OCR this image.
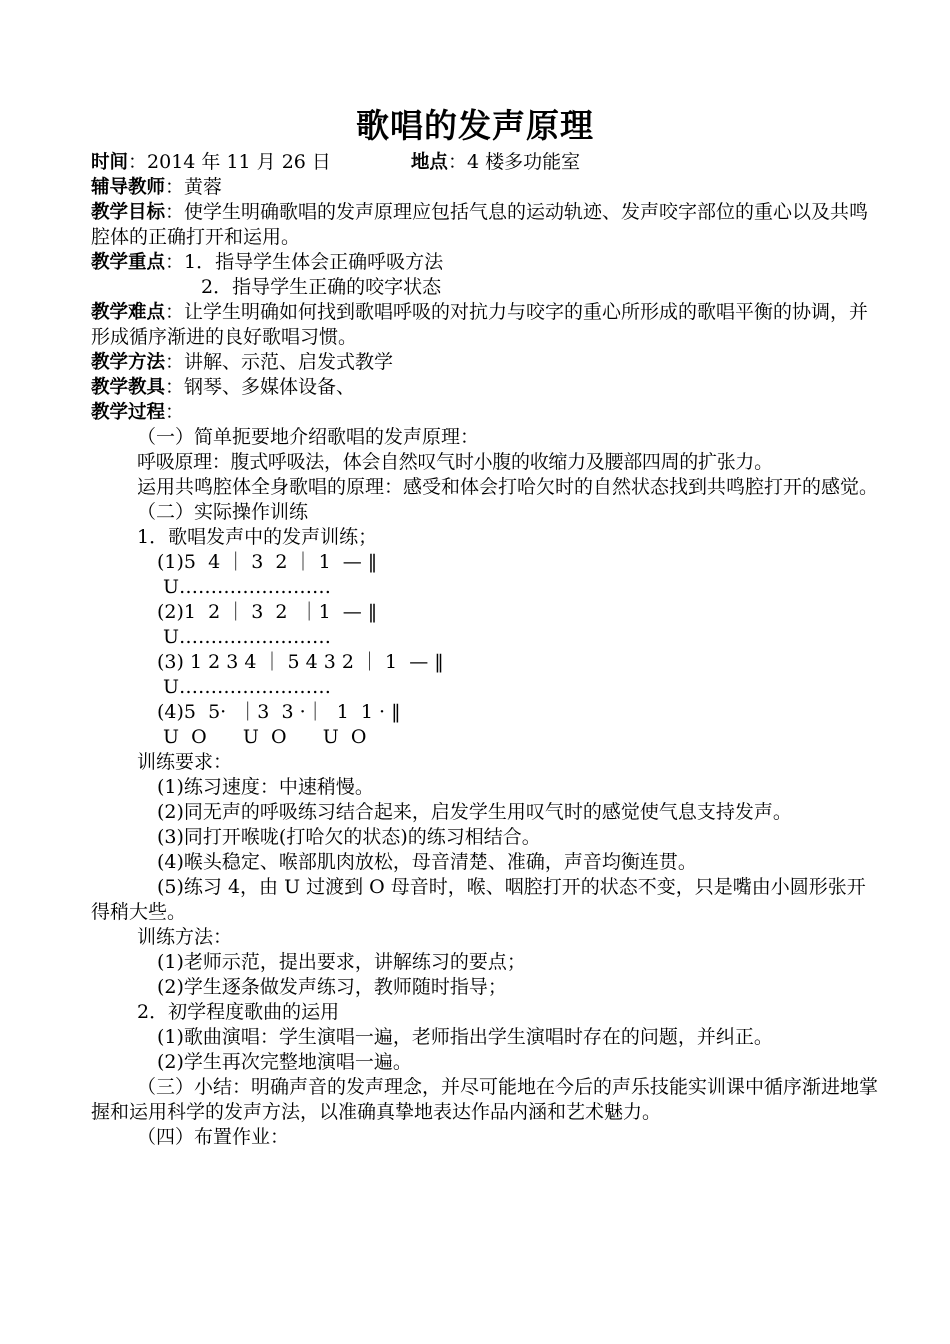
歌唱的发声原理
时间：2014 年 11 月 26 日	地点：4 楼多功能室
辅导教师：黄蓉
教学目标：使学生明确歌唱的发声原理应包括气息的运动轨迹、发声咬字部位的重心以及共鸣腔体的正确打开和运用。
教学重点：1．指导学生体会正确呼吸方法
2．指导学生正确的咬字状态
教学难点：让学生明确如何找到歌唱呼吸的对抗力与咬字的重心所形成的歌唱平衡的协调，并形成循序渐进的良好歌唱习惯。
教学方法：讲解、示范、启发式教学
教学教具：钢琴、多媒体设备、
教学过程：
（一）简单扼要地介绍歌唱的发声原理：
呼吸原理：腹式呼吸法，体会自然叹气时小腹的收缩力及腰部四周的扩张力。
运用共鸣腔体全身歌唱的原理：感受和体会打哈欠时的自然状态找到共鸣腔打开的感觉。
（二）实际操作训练
1．歌唱发声中的发声训练；
(1)5  4 ｜ 3  2 ｜ 1  — ‖
U……………………
(2)1  2 ｜ 3  2  ｜1  — ‖
U……………………
(3) 1 2 3 4 ｜ 5 4 3 2 ｜ 1  — ‖
U……………………
(4)5  5·  ｜3  3 ·｜  1  1 · ‖
U  O      U  O      U  O
训练要求：
(1)练习速度：中速稍慢。
(2)同无声的呼吸练习结合起来，启发学生用叹气时的感觉使气息支持发声。
(3)同打开喉咙(打哈欠的状态)的练习相结合。
(4)喉头稳定、喉部肌肉放松，母音清楚、准确，声音均衡连贯。
(5)练习 4，由 U 过渡到 O 母音时，喉、咽腔打开的状态不变，只是嘴由小圆形张开得稍大些。
训练方法：
(1)老师示范，提出要求，讲解练习的要点；
(2)学生逐条做发声练习，教师随时指导；
2．初学程度歌曲的运用
(1)歌曲演唱：学生演唱一遍，老师指出学生演唱时存在的问题，并纠正。
(2)学生再次完整地演唱一遍。
（三）小结：明确声音的发声理念，并尽可能地在今后的声乐技能实训课中循序渐进地掌握和运用科学的发声方法，以准确真挚地表达作品内涵和艺术魅力。
（四）布置作业：
